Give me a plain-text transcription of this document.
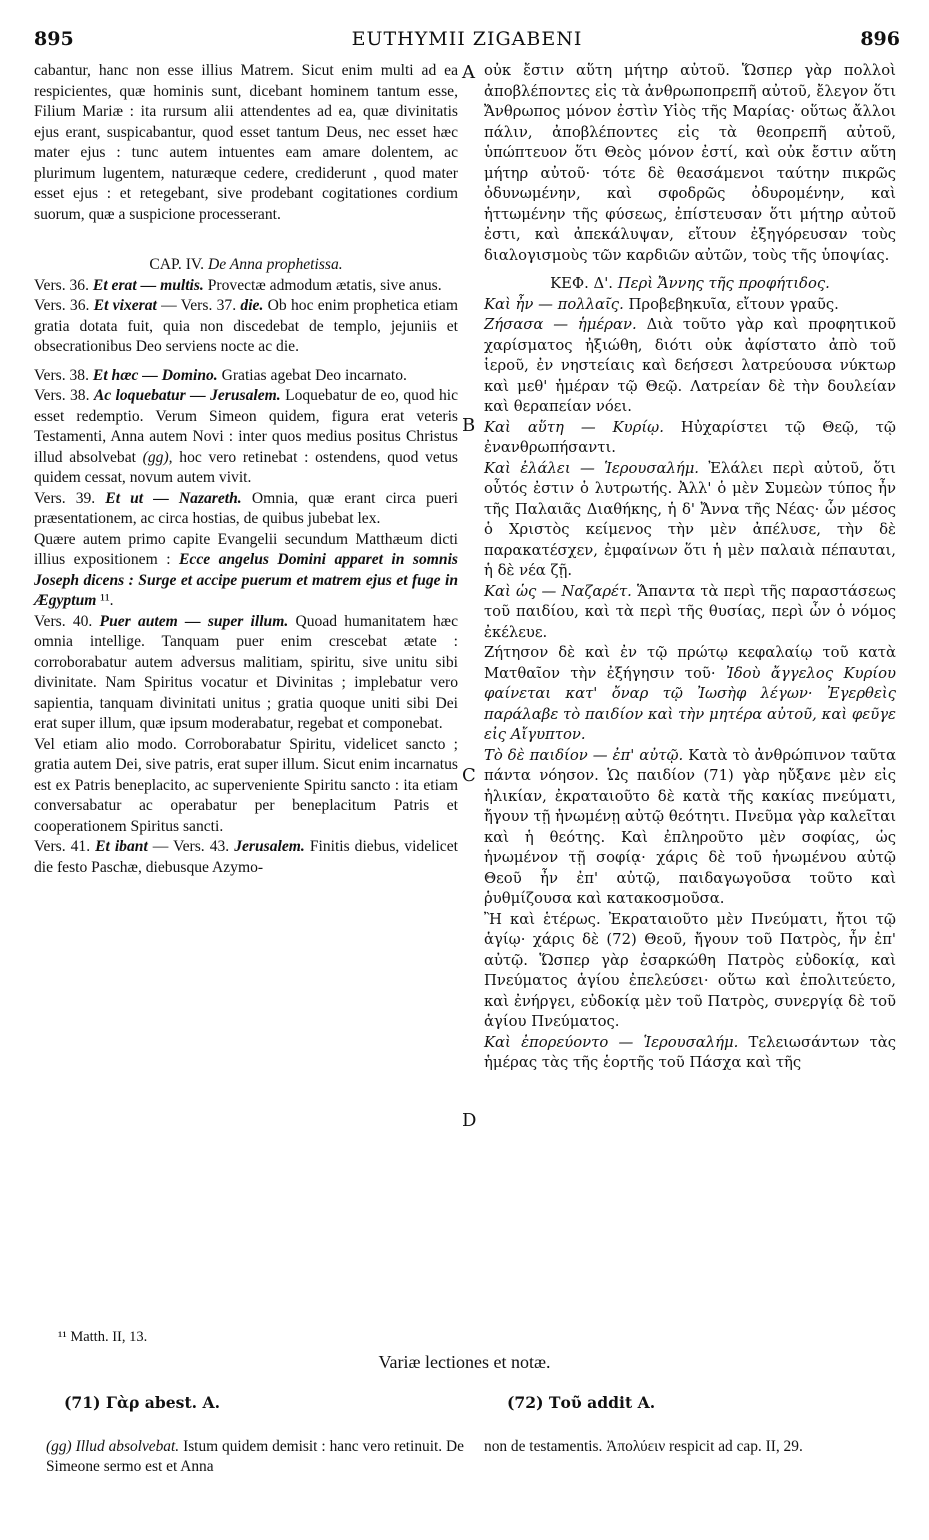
895	EUTHYMII ZIGABENI	896
A
B
C
D

cabantur, hanc non esse illius Matrem. Sicut enim multi ad ea respicientes, quæ hominis sunt, dicebant hominem tantum esse, Filium Mariæ : ita rursum alii attendentes ad ea, quæ divinitatis ejus erant, suspicabantur, quod esset tantum Deus, nec esset hæc mater ejus : tunc autem intuentes eam amare dolentem, ac plurimum lugentem, naturæque cedere, crediderunt , quod mater esset ejus : et retegebant, sive prodebant cogitationes cordium suorum, quæ a suspicione processerant.

CAP. IV. De Anna prophetissa.

Vers. 36. Et erat — multis. Provectæ admodum ætatis, sive anus.

Vers. 36. Et vixerat — Vers. 37. die. Ob hoc enim prophetica etiam gratia dotata fuit, quia non discedebat de templo, jejuniis et obsecrationibus Deo serviens nocte ac die.

Vers. 38. Et hæc — Domino. Gratias agebat Deo incarnato.

Vers. 38. Ac loquebatur — Jerusalem. Loquebatur de eo, quod hic esset redemptio. Verum Simeon quidem, figura erat veteris Testamenti, Anna autem Novi : inter quos medius positus Christus illud absolvebat (gg), hoc vero retinebat : ostendens, quod vetus quidem cessat, novum autem vivit.

Vers. 39. Et ut — Nazareth. Omnia, quæ erant circa pueri præsentationem, ac circa hostias, de quibus jubebat lex.

Quære autem primo capite Evangelii secundum Matthæum dicti illius expositionem : Ecce angelus Domini apparet in somnis Joseph dicens : Surge et accipe puerum et matrem ejus et fuge in Ægyptum ¹¹.

Vers. 40. Puer autem — super illum. Quoad humanitatem hæc omnia intellige. Tanquam puer enim crescebat ætate : corroborabatur autem adversus malitiam, spiritu, sive unitu sibi divinitate. Nam Spiritus vocatur et Divinitas ; implebatur vero sapientia, tanquam divinitati unitus ; gratia quoque uniti sibi Dei erat super illum, quæ ipsum moderabatur, regebat et componebat.

Vel etiam alio modo. Corroborabatur Spiritu, videlicet sancto ; gratia autem Dei, sive patris, erat super illum. Sicut enim incarnatus est ex Patris beneplacito, ac superveniente Spiritu sancto : ita etiam conversabatur ac operabatur per beneplacitum Patris et cooperationem Spiritus sancti.

Vers. 41. Et ibant — Vers. 43. Jerusalem. Finitis diebus, videlicet die festo Paschæ, diebusque Azymo-

οὐκ ἔστιν αὕτη μήτηρ αὐτοῦ. Ὥσπερ γὰρ πολλοὶ ἀποβλέποντες εἰς τὰ ἀνθρωποπρεπῆ αὐτοῦ, ἔλεγον ὅτι Ἄνθρωπος μόνον ἐστὶν Υἱὸς τῆς Μαρίας· οὕτως ἄλλοι πάλιν, ἀποβλέποντες εἰς τὰ θεοπρεπῆ αὐτοῦ, ὑπώπτευον ὅτι Θεὸς μόνον ἐστί, καὶ οὐκ ἔστιν αὕτη μήτηρ αὐτοῦ· τότε δὲ θεασάμενοι ταύτην πικρῶς ὀδυνωμένην, καὶ σφοδρῶς ὀδυρομένην, καὶ ἡττωμένην τῆς φύσεως, ἐπίστευσαν ὅτι μήτηρ αὐτοῦ ἐστι, καὶ ἀπεκάλυψαν, εἴτουν ἐξηγόρευσαν τοὺς διαλογισμοὺς τῶν καρδιῶν αὐτῶν, τοὺς τῆς ὑποψίας.

ΚΕΦ. Δ'. Περὶ Ἄννης τῆς προφήτιδος.

Καὶ ἦν — πολλαῖς. Προβεβηκυῖα, εἴτουν γραῦς.

Ζήσασα — ἡμέραν. Διὰ τοῦτο γὰρ καὶ προφητικοῦ χαρίσματος ἠξιώθη, διότι οὐκ ἀφίστατο ἀπὸ τοῦ ἱεροῦ, ἐν νηστείαις καὶ δεήσεσι λατρεύουσα νύκτωρ καὶ μεθ' ἡμέραν τῷ Θεῷ. Λατρείαν δὲ τὴν δουλείαν καὶ θεραπείαν νόει.

Καὶ αὕτη — Κυρίῳ. Ηὐχαρίστει τῷ Θεῷ, τῷ ἐνανθρωπήσαντι.

Καὶ ἐλάλει — Ἱερουσαλήμ. Ἐλάλει περὶ αὐτοῦ, ὅτι οὗτός ἐστιν ὁ λυτρωτής. Ἀλλ' ὁ μὲν Συμεὼν τύπος ἦν τῆς Παλαιᾶς Διαθήκης, ἡ δ' Ἄννα τῆς Νέας· ὧν μέσος ὁ Χριστὸς κείμενος τὴν μὲν ἀπέλυσε, τὴν δὲ παρακατέσχεν, ἐμφαίνων ὅτι ἡ μὲν παλαιὰ πέπαυται, ἡ δὲ νέα ζῇ.

Καὶ ὡς — Ναζαρέτ. Ἅπαντα τὰ περὶ τῆς παραστάσεως τοῦ παιδίου, καὶ τὰ περὶ τῆς θυσίας, περὶ ὧν ὁ νόμος ἐκέλευε.

Ζήτησον δὲ καὶ ἐν τῷ πρώτῳ κεφαλαίῳ τοῦ κατὰ Ματθαῖον τὴν ἐξήγησιν τοῦ· Ἰδοὺ ἄγγελος Κυρίου φαίνεται κατ' ὄναρ τῷ Ἰωσὴφ λέγων· Ἐγερθεὶς παράλαβε τὸ παιδίον καὶ τὴν μητέρα αὐτοῦ, καὶ φεῦγε εἰς Αἴγυπτον.

Τὸ δὲ παιδίον — ἐπ' αὐτῷ. Κατὰ τὸ ἀνθρώπινον ταῦτα πάντα νόησον. Ὡς παιδίον (71) γὰρ ηὔξανε μὲν εἰς ἡλικίαν, ἐκραταιοῦτο δὲ κατὰ τῆς κακίας πνεύματι, ἤγουν τῇ ἡνωμένῃ αὐτῷ θεότητι. Πνεῦμα γὰρ καλεῖται καὶ ἡ θεότης. Καὶ ἐπληροῦτο μὲν σοφίας, ὡς ἡνωμένον τῇ σοφίᾳ· χάρις δὲ τοῦ ἡνωμένου αὐτῷ Θεοῦ ἦν ἐπ' αὐτῷ, παιδαγωγοῦσα τοῦτο καὶ ῥυθμίζουσα καὶ κατακοσμοῦσα.

Ἢ καὶ ἑτέρως. Ἐκραταιοῦτο μὲν Πνεύματι, ἤτοι τῷ ἁγίῳ· χάρις δὲ (72) Θεοῦ, ἤγουν τοῦ Πατρὸς, ἦν ἐπ' αὐτῷ. Ὥσπερ γὰρ ἐσαρκώθη Πατρὸς εὐδοκίᾳ, καὶ Πνεύματος ἁγίου ἐπελεύσει· οὕτω καὶ ἐπολιτεύετο, καὶ ἐνήργει, εὐδοκίᾳ μὲν τοῦ Πατρὸς, συνεργίᾳ δὲ τοῦ ἁγίου Πνεύματος.

Καὶ ἐπορεύοντο — Ἱερουσαλήμ. Τελειωσάντων τὰς ἡμέρας τὰς τῆς ἑορτῆς τοῦ Πάσχα καὶ τῆς

¹¹ Matth. II, 13.
Variæ lectiones et notæ.
(71) Γὰρ abest. A.	(72) Τοῦ addit A.
(gg) Illud absolvebat. Istum quidem demisit : hanc vero retinuit. De Simeone sermo est et Anna
non de testamentis. Ἀπολύειν respicit ad cap. II, 29.
